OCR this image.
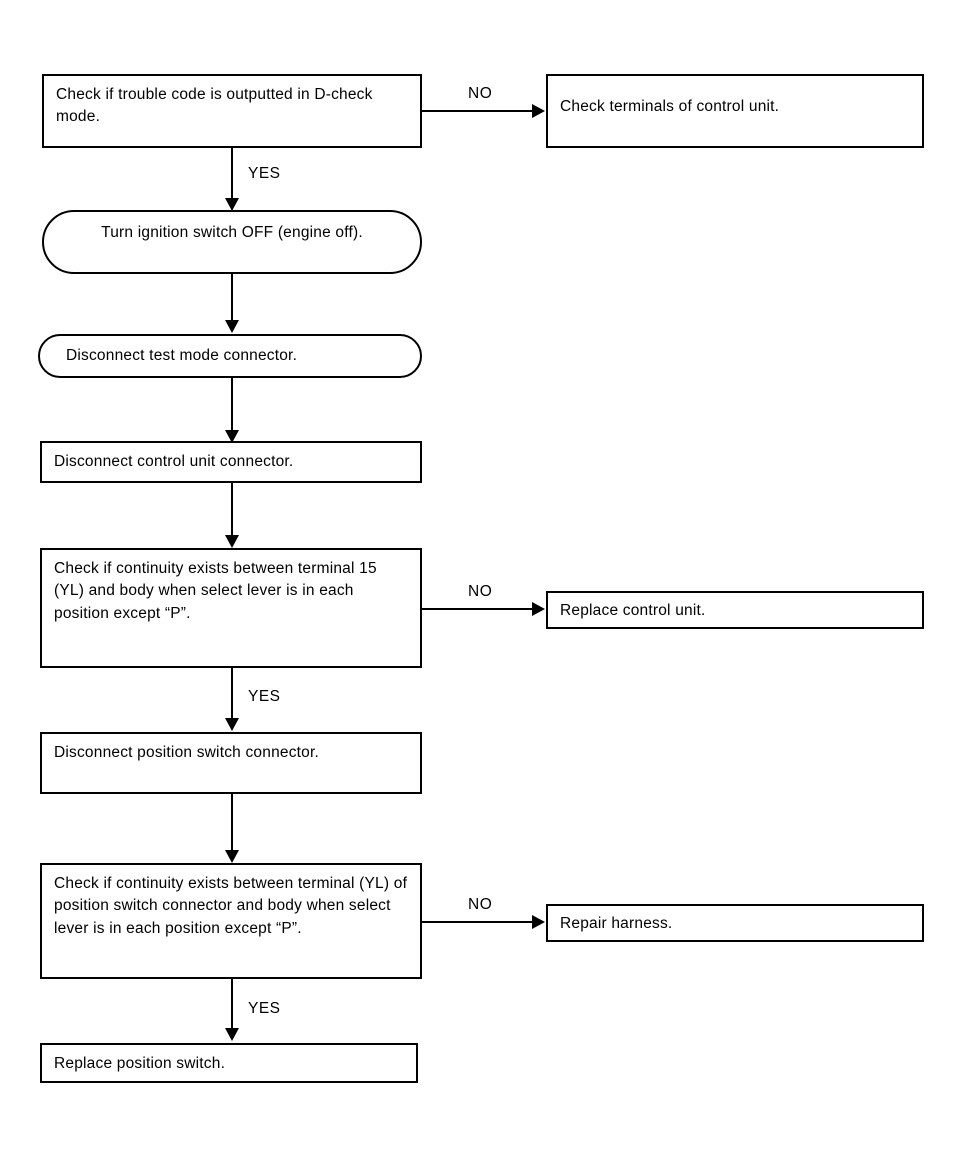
Check if trouble code is outputted in D-check mode.
Check terminals of control unit.
NO
YES
Turn ignition switch OFF (engine off).
Disconnect test mode connector.
Disconnect control unit connector.
Check if continuity exists between terminal 15 (YL) and body when select lever is in each position except “P”.
NO
Replace control unit.
YES
Disconnect position switch connector.
Check if continuity exists between terminal (YL) of position switch connector and body when select lever is in each position except “P”.
NO
Repair harness.
YES
Replace position switch.
